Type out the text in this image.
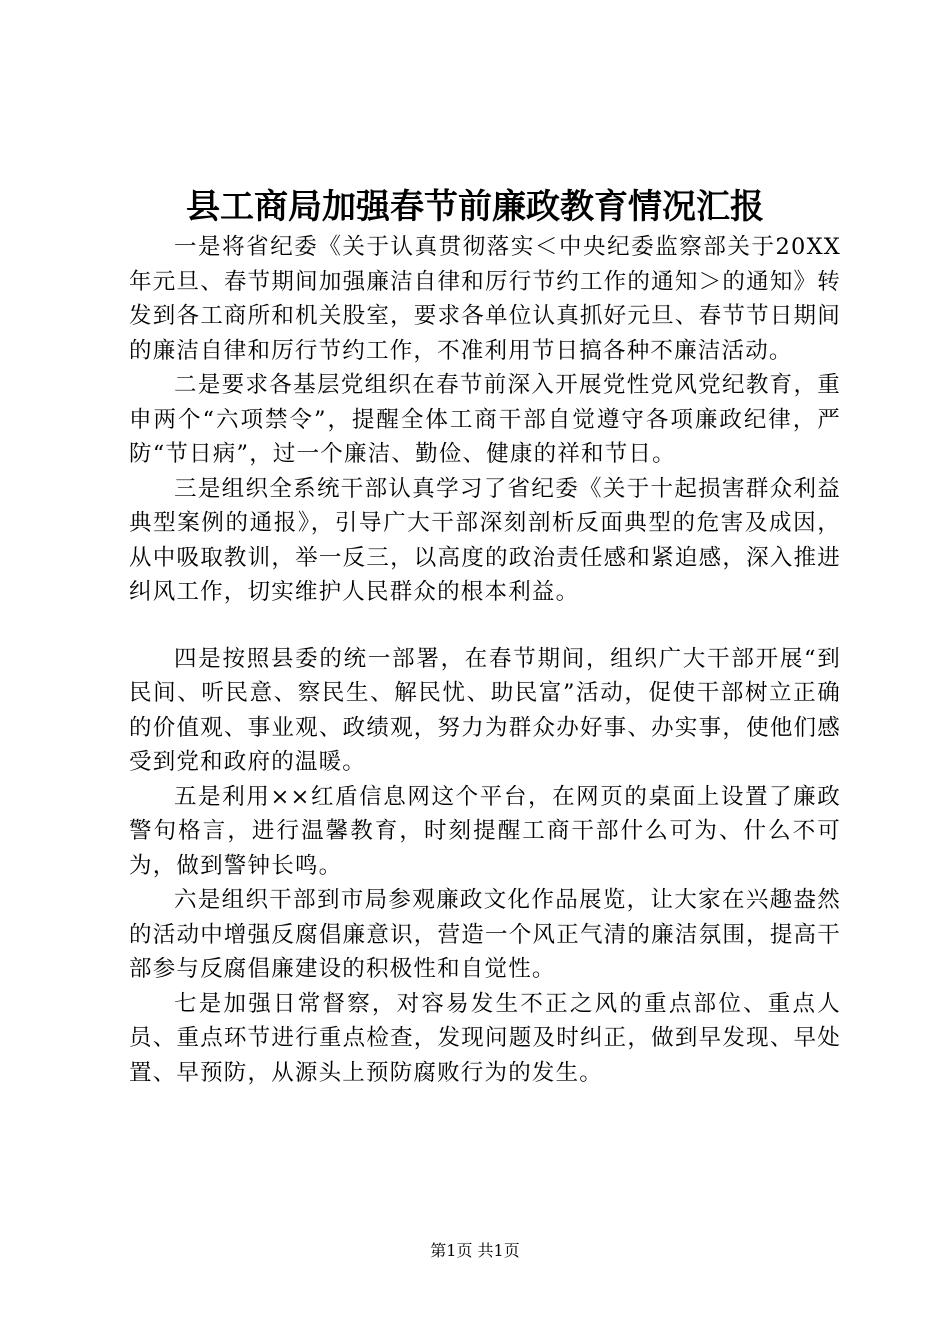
县工商局加强春节前廉政教育情况汇报

一是将省纪委《关于认真贯彻落实＜中央纪委监察部关于20XX年元旦、春节期间加强廉洁自律和厉行节约工作的通知＞的通知》转发到各工商所和机关股室，要求各单位认真抓好元旦、春节节日期间的廉洁自律和厉行节约工作，不准利用节日搞各种不廉洁活动。

二是要求各基层党组织在春节前深入开展党性党风党纪教育，重申两个“六项禁令”，提醒全体工商干部自觉遵守各项廉政纪律，严防“节日病”，过一个廉洁、勤俭、健康的祥和节日。

三是组织全系统干部认真学习了省纪委《关于十起损害群众利益典型案例的通报》，引导广大干部深刻剖析反面典型的危害及成因，从中吸取教训，举一反三，以高度的政治责任感和紧迫感，深入推进纠风工作，切实维护人民群众的根本利益。

四是按照县委的统一部署，在春节期间，组织广大干部开展“到民间、听民意、察民生、解民忧、助民富”活动，促使干部树立正确的价值观、事业观、政绩观，努力为群众办好事、办实事，使他们感受到党和政府的温暖。

五是利用××红盾信息网这个平台，在网页的桌面上设置了廉政警句格言，进行温馨教育，时刻提醒工商干部什么可为、什么不可为，做到警钟长鸣。

六是组织干部到市局参观廉政文化作品展览，让大家在兴趣盎然的活动中增强反腐倡廉意识，营造一个风正气清的廉洁氛围，提高干部参与反腐倡廉建设的积极性和自觉性。

七是加强日常督察，对容易发生不正之风的重点部位、重点人员、重点环节进行重点检查，发现问题及时纠正，做到早发现、早处置、早预防，从源头上预防腐败行为的发生。

第1页 共1页
